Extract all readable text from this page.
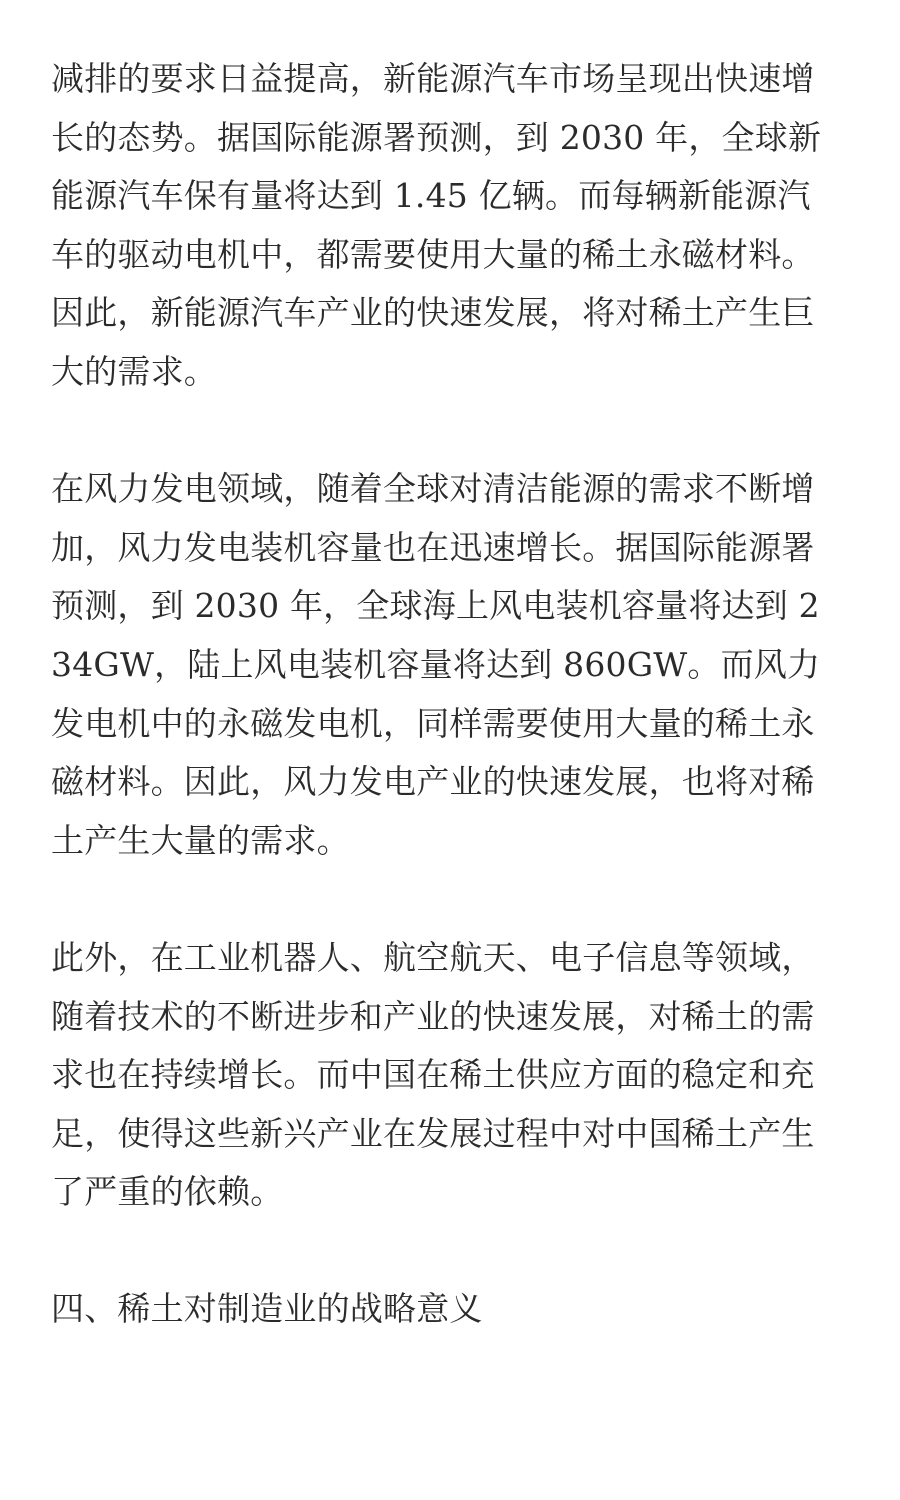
减排的要求日益提高，新能源汽车市场呈现出快速增长的态势。据国际能源署预测，到 2030 年，全球新能源汽车保有量将达到 1.45 亿辆。而每辆新能源汽车的驱动电机中，都需要使用大量的稀土永磁材料。因此，新能源汽车产业的快速发展，将对稀土产生巨大的需求。

在风力发电领域，随着全球对清洁能源的需求不断增加，风力发电装机容量也在迅速增长。据国际能源署预测，到 2030 年，全球海上风电装机容量将达到 234GW，陆上风电装机容量将达到 860GW。而风力发电机中的永磁发电机，同样需要使用大量的稀土永磁材料。因此，风力发电产业的快速发展，也将对稀土产生大量的需求。

此外，在工业机器人、航空航天、电子信息等领域，随着技术的不断进步和产业的快速发展，对稀土的需求也在持续增长。而中国在稀土供应方面的稳定和充足，使得这些新兴产业在发展过程中对中国稀土产生了严重的依赖。

四、稀土对制造业的战略意义
